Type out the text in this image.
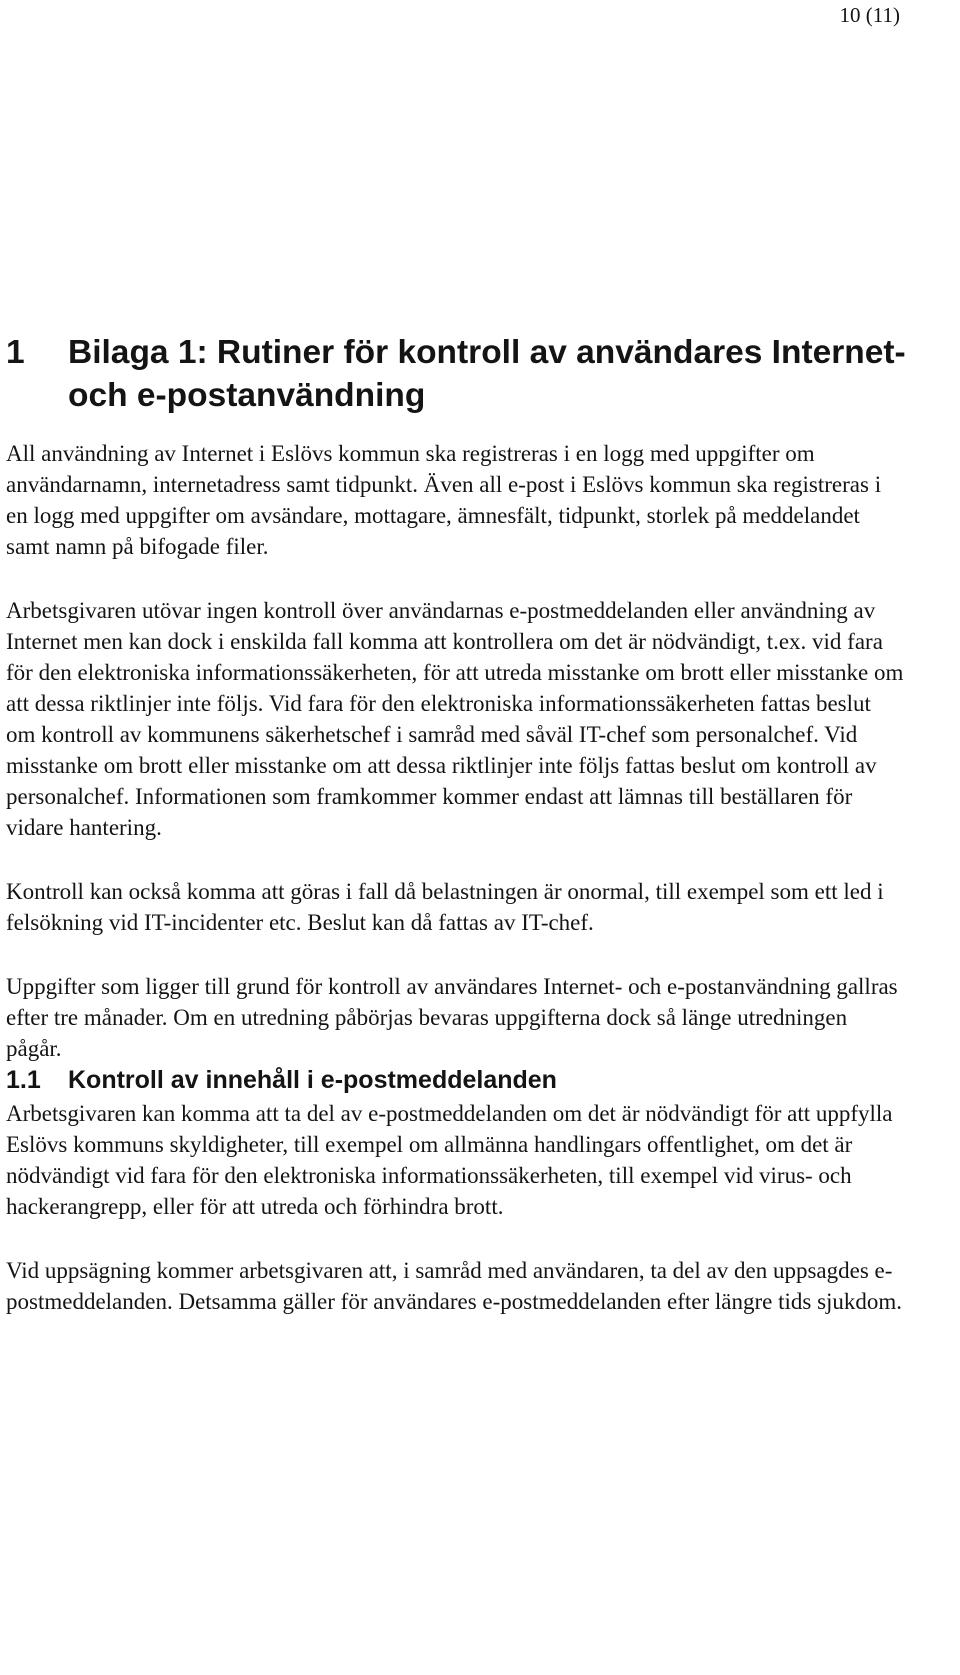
10 (11)
1	Bilaga 1: Rutiner för kontroll av användares Internet- och e-postanvändning

All användning av Internet i Eslövs kommun ska registreras i en logg med uppgifter om användarnamn, internetadress samt tidpunkt. Även all e-post i Eslövs kommun ska registreras i en logg med uppgifter om avsändare, mottagare, ämnesfält, tidpunkt, storlek på meddelandet samt namn på bifogade filer.

Arbetsgivaren utövar ingen kontroll över användarnas e-postmeddelanden eller användning av Internet men kan dock i enskilda fall komma att kontrollera om det är nödvändigt, t.ex. vid fara för den elektroniska informationssäkerheten, för att utreda misstanke om brott eller misstanke om att dessa riktlinjer inte följs. Vid fara för den elektroniska informationssäkerheten fattas beslut om kontroll av kommunens säkerhetschef i samråd med såväl IT-chef som personalchef. Vid misstanke om brott eller misstanke om att dessa riktlinjer inte följs fattas beslut om kontroll av personalchef. Informationen som framkommer kommer endast att lämnas till beställaren för vidare hantering.

Kontroll kan också komma att göras i fall då belastningen är onormal, till exempel som ett led i felsökning vid IT-incidenter etc. Beslut kan då fattas av IT-chef.

Uppgifter som ligger till grund för kontroll av användares Internet- och e-postanvändning gallras efter tre månader. Om en utredning påbörjas bevaras uppgifterna dock så länge utredningen pågår.

1.1	Kontroll av innehåll i e-postmeddelanden

Arbetsgivaren kan komma att ta del av e-postmeddelanden om det är nödvändigt för att uppfylla Eslövs kommuns skyldigheter, till exempel om allmänna handlingars offentlighet, om det är nödvändigt vid fara för den elektroniska informationssäkerheten, till exempel vid virus- och hackerangrepp, eller för att utreda och förhindra brott.

Vid uppsägning kommer arbetsgivaren att, i samråd med användaren, ta del av den uppsagdes e-postmeddelanden. Detsamma gäller för användares e-postmeddelanden efter längre tids sjukdom.
